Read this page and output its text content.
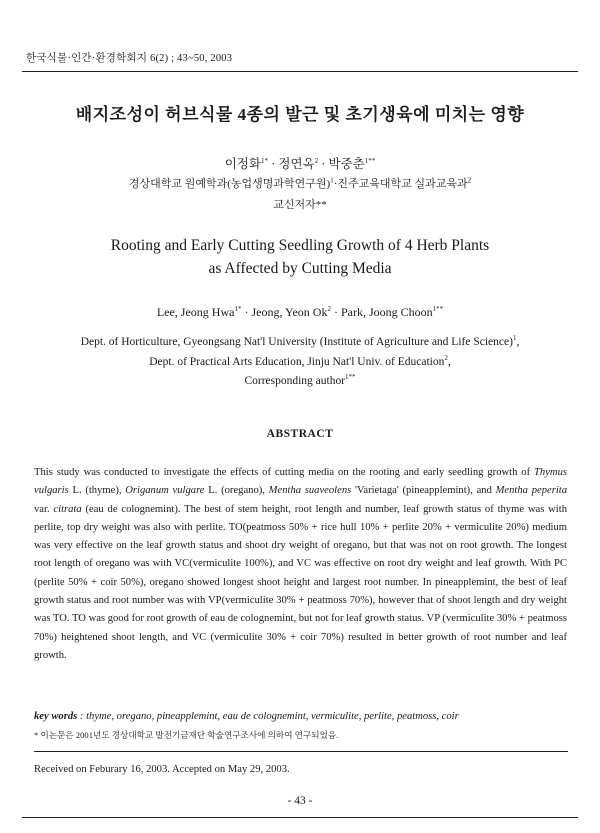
한국식물·인간·환경학회지 6(2) ; 43~50, 2003
배지조성이 허브식물 4종의 발근 및 초기생육에 미치는 영향
이정화$^{1*}$ · 정연옥$^2$ · 박중춘$^{1**}$
경상대학교 원예학과(농업생명과학연구원)$^1$·진주교육대학교 실과교육과$^2$
교신저자**
Rooting and Early Cutting Seedling Growth of 4 Herb Plants
as Affected by Cutting Media
Lee, Jeong Hwa$^{1*}$ · Jeong, Yeon $Ok^2$ · Park, Joong Choon$^{1**}$
Dept. of Horticulture, Gyeongsang Nat'l University (Institute of Agriculture and Life Science)$^1$,
Dept. of Practical Arts Education, Jinju Nat'l Univ. of Education$^2$,
Corresponding author$^{1**}$
ABSTRACT

This study was conducted to investigate the effects of cutting media on the rooting and early seedling growth of Thymus vulgaris L. (thyme), Origanum vulgare L. (oregano), Mentha suaveolens 'Varietaga' (pineapplemint), and Mentha peperita var. citrata (eau de colognemint). The best of stem height, root length and number, leaf growth status of thyme was with perlite, top dry weight was also with perlite. TO(peatmoss 50% + rice hull 10% + perlite 20% + vermiculite 20%) medium was very effective on the leaf growth status and shoot dry weight of oregano, but that was not on root growth. The longest root length of oregano was with VC(vermiculite 100%), and VC was effective on root dry weight and leaf growth. With PC (perlite 50% + coir 50%), oregano showed longest shoot height and largest root number. In pineapplemint, the best of leaf growth status and root number was with VP(vermiculite 30% + peatmoss 70%), however that of shoot length and dry weight was TO. TO was good for root growth of eau de colognemint, but not for leaf growth status. VP (vermiculite 30% + peatmoss 70%) heightened shoot length, and VC (vermiculite 30% + coir 70%) resulted in better growth of root number and leaf growth.

key words : thyme, oregano, pineapplemint, eau de colognemint, vermiculite, perlite, peatmoss, coir
* 이논문은 2001년도 경상대학교 발전기금재단 학술연구조사에 의하여 연구되었음.
Received on Feburary 16, 2003. Accepted on May 29, 2003.
- 43 -
